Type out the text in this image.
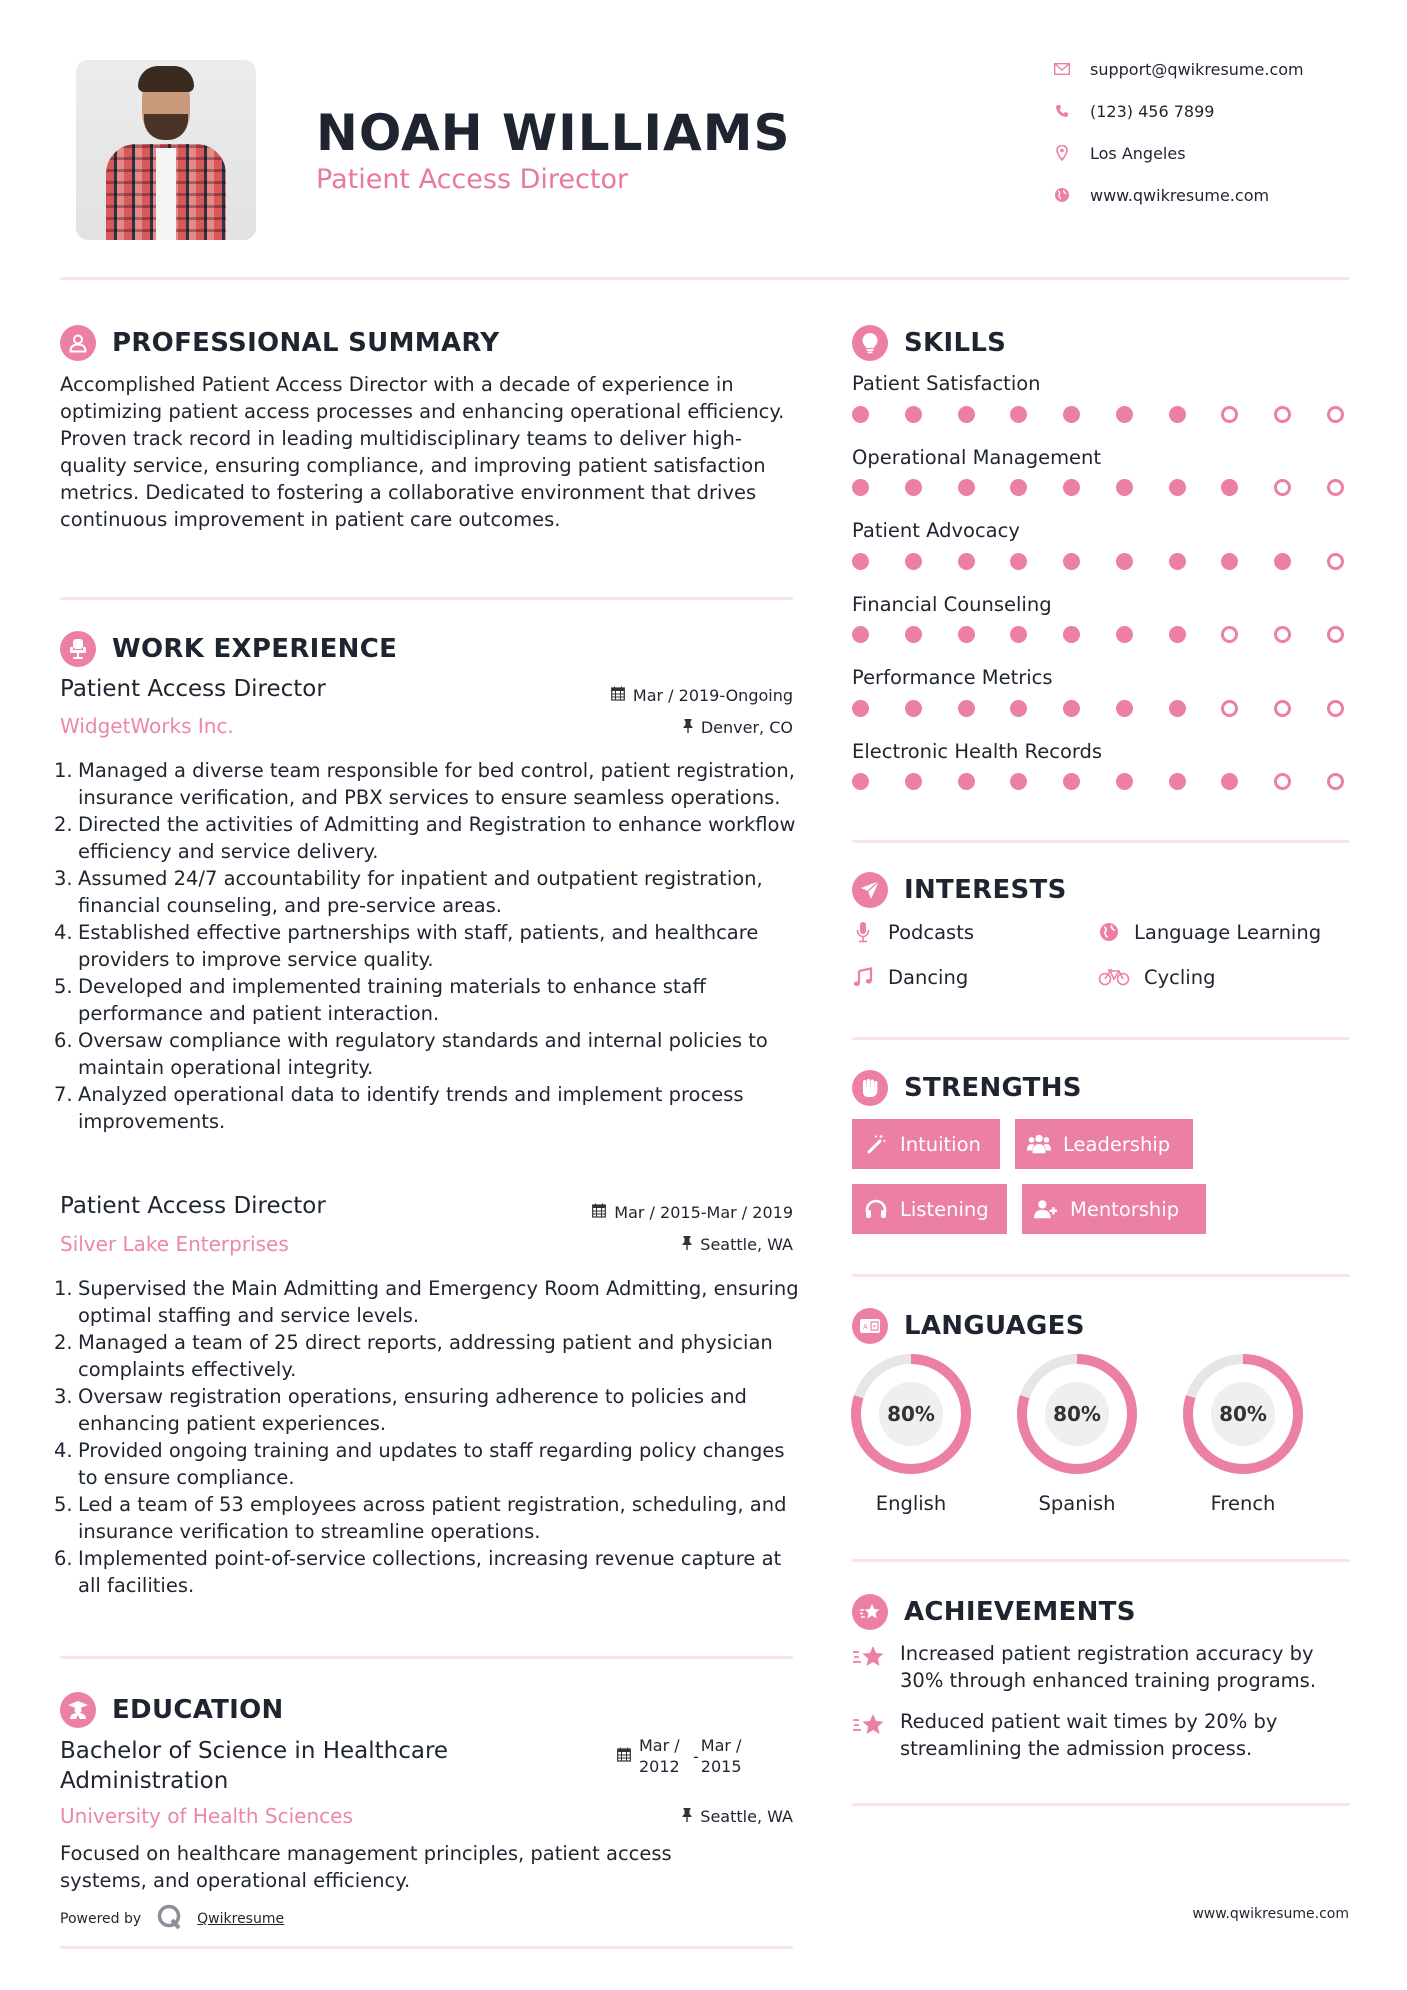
NOAH WILLIAMS
Patient Access Director
support@qwikresume.com
(123) 456 7899
Los Angeles
www.qwikresume.com
PROFESSIONAL SUMMARY

Accomplished Patient Access Director with a decade of experience in optimizing patient access processes and enhancing operational efficiency. Proven track record in leading multidisciplinary teams to deliver high-quality service, ensuring compliance, and improving patient satisfaction metrics. Dedicated to fostering a collaborative environment that drives continuous improvement in patient care outcomes.

WORK EXPERIENCE
Patient Access Director	Mar / 2019-Ongoing
WidgetWorks Inc.	Denver, CO
1. Managed a diverse team responsible for bed control, patient registration, insurance verification, and PBX services to ensure seamless operations.
2. Directed the activities of Admitting and Registration to enhance workflow efficiency and service delivery.
3. Assumed 24/7 accountability for inpatient and outpatient registration, financial counseling, and pre-service areas.
4. Established effective partnerships with staff, patients, and healthcare providers to improve service quality.
5. Developed and implemented training materials to enhance staff performance and patient interaction.
6. Oversaw compliance with regulatory standards and internal policies to maintain operational integrity.
7. Analyzed operational data to identify trends and implement process improvements.
Patient Access Director	Mar / 2015-Mar / 2019
Silver Lake Enterprises	Seattle, WA
1. Supervised the Main Admitting and Emergency Room Admitting, ensuring optimal staffing and service levels.
2. Managed a team of 25 direct reports, addressing patient and physician complaints effectively.
3. Oversaw registration operations, ensuring adherence to policies and enhancing patient experiences.
4. Provided ongoing training and updates to staff regarding policy changes to ensure compliance.
5. Led a team of 53 employees across patient registration, scheduling, and insurance verification to streamline operations.
6. Implemented point-of-service collections, increasing revenue capture at all facilities.
EDUCATION
Bachelor of Science in Healthcare Administration
Mar /
2012
-
Mar /
2015
University of Health Sciences	Seattle, WA

Focused on healthcare management principles, patient access systems, and operational efficiency.

Powered by	Qwikresume	www.qwikresume.com
SKILLS
Patient Satisfaction
Operational Management
Patient Advocacy
Financial Counseling
Performance Metrics
Electronic Health Records
INTERESTS
Podcasts	Language Learning
Dancing	Cycling
STRENGTHS
Intuition	Leadership
Listening	Mentorship
A LANGUAGES
80%
English
80%
Spanish
80%
French
ACHIEVEMENTS
Increased patient registration accuracy by 30% through enhanced training programs.
Reduced patient wait times by 20% by streamlining the admission process.
